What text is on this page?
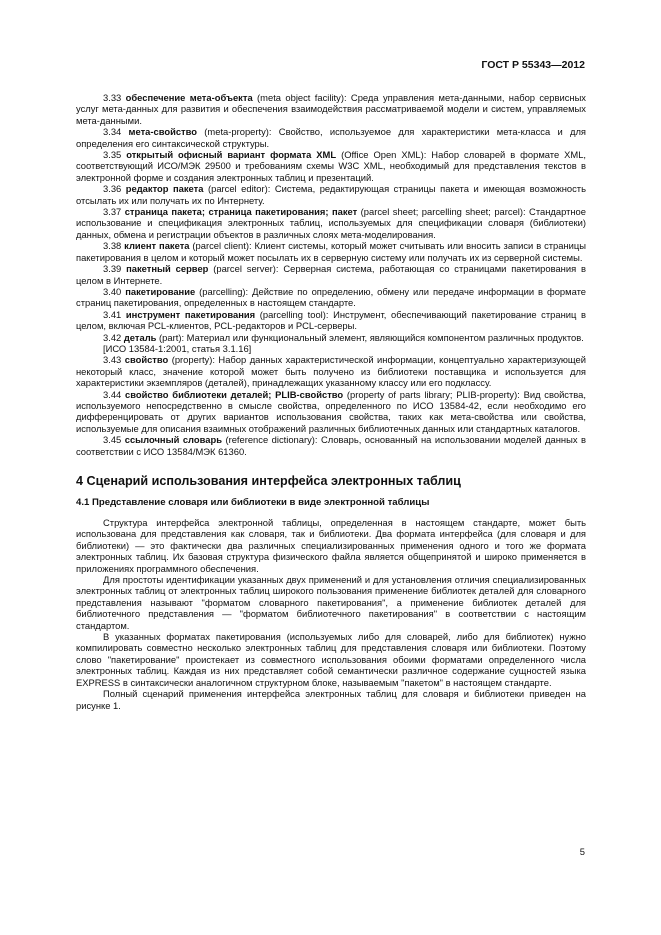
ГОСТ Р 55343—2012

3.33 обеспечение мета-объекта (meta object facility): Среда управления мета-данными, набор сервисных услуг мета-данных для развития и обеспечения взаимодействия рассматриваемой модели и систем, управляемых мета-данными.

3.34 мета-свойство (meta-property): Свойство, используемое для характеристики мета-класса и для определения его синтаксической структуры.

3.35 открытый офисный вариант формата XML (Office Open XML): Набор словарей в формате XML, соответствующий ИСО/МЭК 29500 и требованиям схемы W3C XML, необходимый для представления текстов в электронной форме и создания электронных таблиц и презентаций.

3.36 редактор пакета (parcel editor): Система, редактирующая страницы пакета и имеющая возможность отсылать их или получать их по Интернету.

3.37 страница пакета; страница пакетирования; пакет (parcel sheet; parcelling sheet; parcel): Стандартное использование и спецификация электронных таблиц, используемых для спецификации словаря (библиотеки) данных, обмена и регистрации объектов в различных слоях мета-моделирования.

3.38 клиент пакета (parcel client): Клиент системы, который может считывать или вносить записи в страницы пакетирования в целом и который может посылать их в серверную систему или получать их из серверной системы.

3.39 пакетный сервер (parcel server): Серверная система, работающая со страницами пакетирования в целом в Интернете.

3.40 пакетирование (parcelling): Действие по определению, обмену или передаче информации в формате страниц пакетирования, определенных в настоящем стандарте.

3.41 инструмент пакетирования (parcelling tool): Инструмент, обеспечивающий пакетирование страниц в целом, включая PCL-клиентов, PCL-редакторов и PCL-серверы.

3.42 деталь (part): Материал или функциональный элемент, являющийся компонентом различных продуктов.

[ИСО 13584-1:2001, статья 3.1.16]

3.43 свойство (property): Набор данных характеристической информации, концептуально характеризующей некоторый класс, значение которой может быть получено из библиотеки поставщика и используется для характеристики экземпляров (деталей), принадлежащих указанному классу или его подклассу.

3.44 свойство библиотеки деталей; PLIB-свойство (property of parts library; PLIB-property): Вид свойства, используемого непосредственно в смысле свойства, определенного по ИСО 13584-42, если необходимо его дифференцировать от других вариантов использования свойства, таких как мета-свойства или свойства, используемые для описания взаимных отображений различных библиотечных данных или стандартных каталогов.

3.45 ссылочный словарь (reference dictionary): Словарь, основанный на использовании моделей данных в соответствии с ИСО 13584/МЭК 61360.

4 Сценарий использования интерфейса электронных таблиц
4.1 Представление словаря или библиотеки в виде электронной таблицы

Структура интерфейса электронной таблицы, определенная в настоящем стандарте, может быть использована для представления как словаря, так и библиотеки. Два формата интерфейса (для словаря и для библиотеки) — это фактически два различных специализированных применения одного и того же формата электронных таблиц. Их базовая структура физического файла является общепринятой и широко применяется в приложениях программного обеспечения.

Для простоты идентификации указанных двух применений и для установления отличия специализированных электронных таблиц от электронных таблиц широкого пользования применение библиотек деталей для словарного представления называют "форматом словарного пакетирования", а применение библиотек деталей для библиотечного представления — "форматом библиотечного пакетирования" в соответствии с настоящим стандартом.

В указанных форматах пакетирования (используемых либо для словарей, либо для библиотек) нужно компилировать совместно несколько электронных таблиц для представления словаря или библиотеки. Поэтому слово "пакетирование" проистекает из совместного использования обоими форматами определенного числа электронных таблиц. Каждая из них представляет собой семантически различное содержание сущностей языка EXPRESS в синтаксически аналогичном структурном блоке, называемым "пакетом" в настоящем стандарте.

Полный сценарий применения интерфейса электронных таблиц для словаря и библиотеки приведен на рисунке 1.

5
